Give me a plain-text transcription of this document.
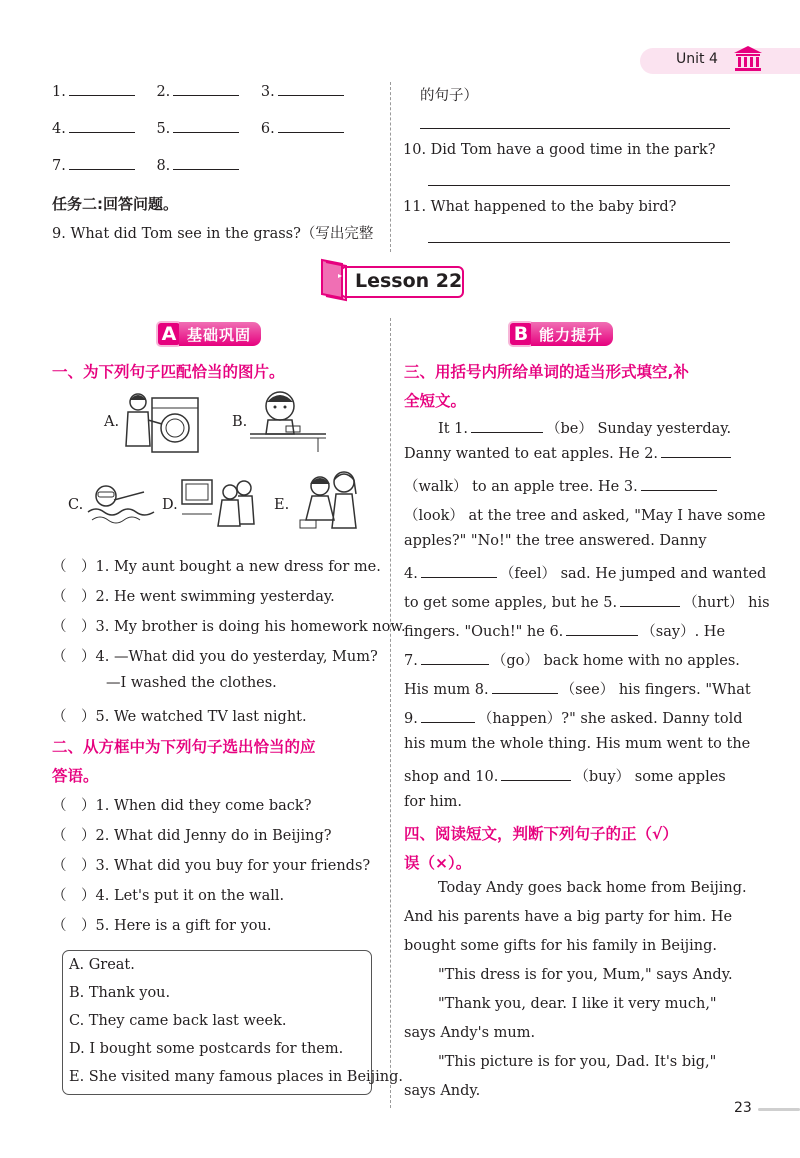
Unit 4
1.	2.	3.
4.	5.	6.
7.	8.
任务二:回答问题。
9. What did Tom see in the grass?（写出完整
的句子）
10. Did Tom have a good time in the park?
11. What happened to the baby bird?
Lesson 22
A 基础巩固	B 能力提升
一、为下列句子匹配恰当的图片。
A.	B.
C.	D.	E.
（　）1. My aunt bought a new dress for me.
（　）2. He went swimming yesterday.
（　）3. My brother is doing his homework now.
（　）4. —What did you do yesterday, Mum?
—I washed the clothes.
（　）5. We watched TV last night.
二、从方框中为下列句子选出恰当的应
答语。
（　）1. When did they come back?
（　）2. What did Jenny do in Beijing?
（　）3. What did you buy for your friends?
（　）4. Let's put it on the wall.
（　）5. Here is a gift for you.
A. Great.
B. Thank you.
C. They came back last week.
D. I bought some postcards for them.
E. She visited many famous places in Beijing.
三、用括号内所给单词的适当形式填空,补
全短文。
It 1.	（be） Sunday yesterday.
Danny wanted to eat apples. He 2.
（walk） to an apple tree. He 3.
（look） at the tree and asked, "May I have some
apples?" "No!" the tree answered. Danny
4.	（feel） sad. He jumped and wanted
to get some apples, but he 5.	（hurt） his
fingers. "Ouch!" he 6.	（say）. He
7.	（go） back home with no apples.
His mum 8.	（see） his fingers. "What
9.	（happen）?" she asked. Danny told
his mum the whole thing. His mum went to the
shop and 10.	（buy） some apples
for him.
四、阅读短文，判断下列句子的正（√）
误（×）。
Today Andy goes back home from Beijing.
And his parents have a big party for him. He
bought some gifts for his family in Beijing.
"This dress is for you, Mum," says Andy.
"Thank you, dear. I like it very much,"
says Andy's mum.
"This picture is for you, Dad. It's big,"
says Andy.
23
